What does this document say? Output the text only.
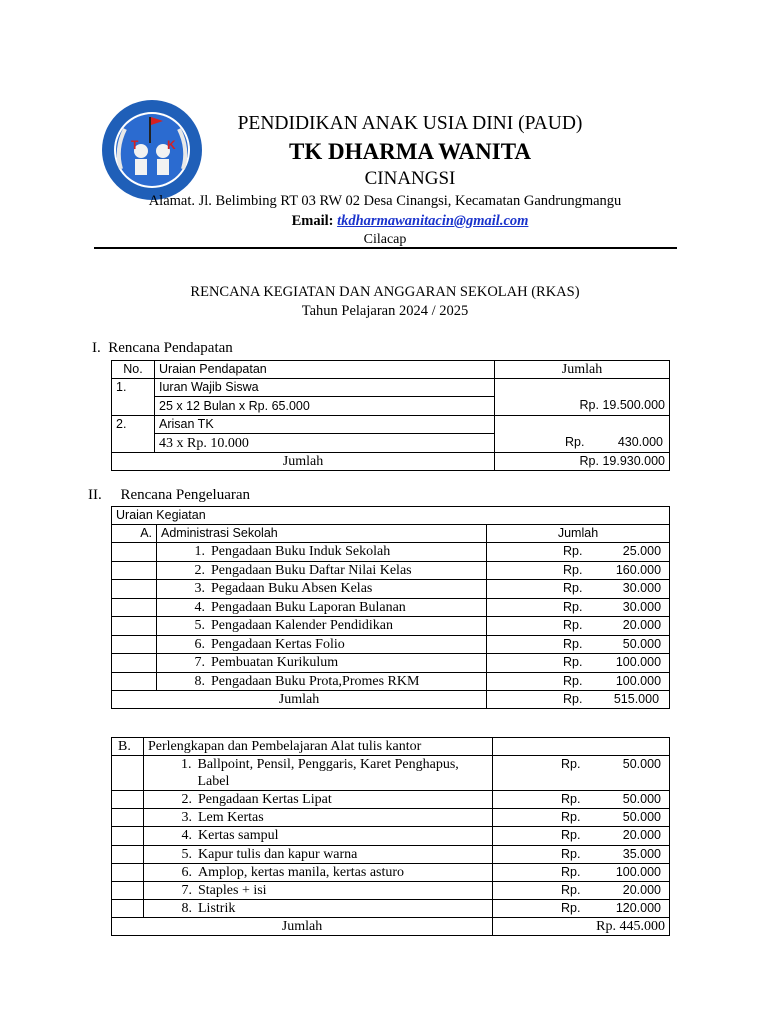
T K
PENDIDIKAN ANAK USIA DINI (PAUD)
TK DHARMA WANITA
CINANGSI
Alamat. Jl. Belimbing RT 03 RW 02 Desa Cinangsi, Kecamatan Gandrungmangu
Email: tkdharmawanitacin@gmail.com
Cilacap
RENCANA KEGIATAN DAN ANGGARAN SEKOLAH (RKAS)
Tahun Pelajaran 2024 / 2025
I.  Rencana Pendapatan
No.	Uraian Pendapatan	Jumlah
1.	Iuran Wajib Siswa	
	25 x 12 Bulan x Rp. 65.000	Rp. 19.500.000
2.	Arisan TK	
	43 x Rp. 10.000	Rp. 430.000

Jumlah		Rp. 19.930.000
II.     Rencana Pengeluaran
Uraian Kegiatan		
A.	Administrasi Sekolah	Jumlah

	1. Pengadaan Buku Induk Sekolah	Rp. 25.000

	2. Pengadaan Buku Daftar Nilai Kelas	Rp. 160.000

	3. Pegadaan Buku Absen Kelas	Rp. 30.000

	4. Pengadaan Buku Laporan Bulanan	Rp. 30.000

	5. Pengadaan Kalender Pendidikan	Rp. 20.000

	6. Pengadaan Kertas Folio	Rp. 50.000

	7. Pembuatan Kurikulum	Rp. 100.000

	8. Pengadaan Buku Prota,Promes RKM	Rp. 100.000

Jumlah		Rp. 515.000
B.	Perlengkapan dan Pembelajaran Alat tulis kantor	

	1. Ballpoint, Pensil, Penggaris, Karet Penghapus, Label	Rp. 50.000

	2. Pengadaan Kertas Lipat	Rp. 50.000

	3. Lem Kertas	Rp. 50.000

	4. Kertas sampul	Rp. 20.000

	5. Kapur tulis dan kapur warna	Rp. 35.000

	6. Amplop, kertas manila, kertas asturo	Rp. 100.000

	7. Staples + isi	Rp. 20.000

	8. Listrik	Rp. 120.000

Jumlah		Rp. 445.000
